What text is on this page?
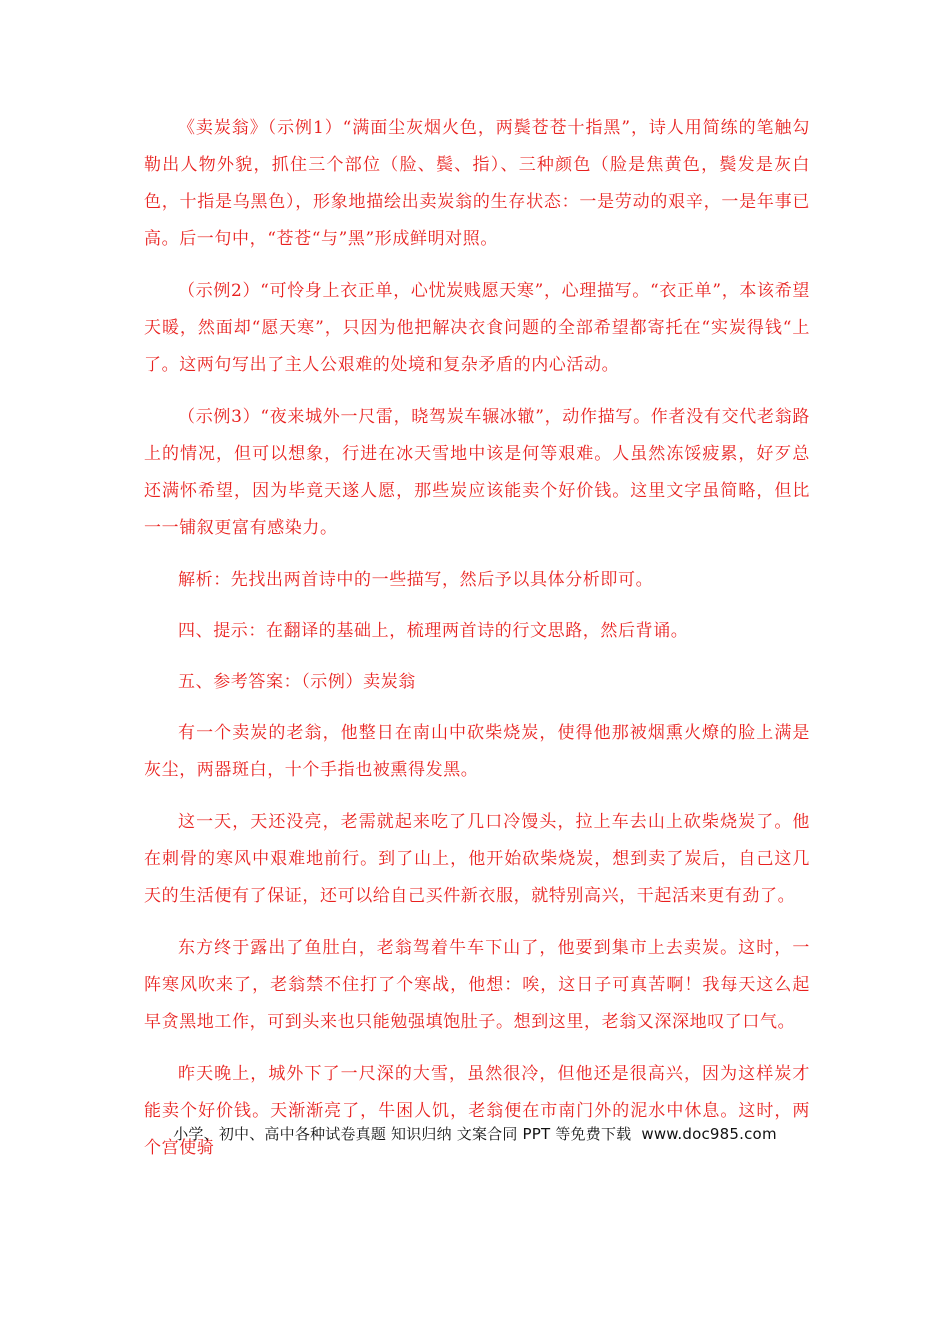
《卖炭翁》（示例1）“满面尘灰烟火色，两鬓苍苍十指黑”，诗人用简练的笔触勾勒出人物外貌，抓住三个部位（脸、鬓、指）、三种颜色（脸是焦黄色，鬓发是灰白色，十指是乌黑色），形象地描绘出卖炭翁的生存状态：一是劳动的艰辛，一是年事已高。后一句中，“苍苍“与”黑”形成鲜明对照。

（示例2）“可怜身上衣正单，心忧炭贱愿天寒”，心理描写。“衣正单”，本该希望天暖，然面却“愿天寒”，只因为他把解决衣食问题的全部希望都寄托在“实炭得钱“上了。这两句写出了主人公艰难的处境和复杂矛盾的内心活动。

（示例3）“夜来城外一尺雷，晓驾炭车辗冰辙”，动作描写。作者没有交代老翁路上的情况，但可以想象，行进在冰天雪地中该是何等艰难。人虽然冻馁疲累，好歹总还满怀希望，因为毕竟天遂人愿，那些炭应该能卖个好价钱。这里文字虽简略，但比一一铺叙更富有感染力。

解析：先找出两首诗中的一些描写，然后予以具体分析即可。

四、提示：在翻译的基础上，梳理两首诗的行文思路，然后背诵。

五、参考答案：（示例）卖炭翁

有一个卖炭的老翁，他整日在南山中砍柴烧炭，使得他那被烟熏火燎的脸上满是灰尘，两器斑白，十个手指也被熏得发黑。

这一天，天还没亮，老需就起来吃了几口冷馒头，拉上车去山上砍柴烧炭了。他在刺骨的寒风中艰难地前行。到了山上，他开始砍柴烧炭，想到卖了炭后，自己这几天的生活便有了保证，还可以给自己买件新衣服，就特别高兴，干起活来更有劲了。

东方终于露出了鱼肚白，老翁驾着牛车下山了，他要到集市上去卖炭。这时，一阵寒风吹来了，老翁禁不住打了个寒战，他想：唉，这日子可真苦啊！我每天这么起早贪黑地工作，可到头来也只能勉强填饱肚子。想到这里，老翁又深深地叹了口气。

昨天晚上，城外下了一尺深的大雪，虽然很冷，但他还是很高兴，因为这样炭才能卖个好价钱。天渐渐亮了，牛困人饥，老翁便在市南门外的泥水中休息。这时，两个宫使骑

小学、初中、高中各种试卷真题 知识归纳 文案合同 PPT 等免费下载 www.doc985.com
